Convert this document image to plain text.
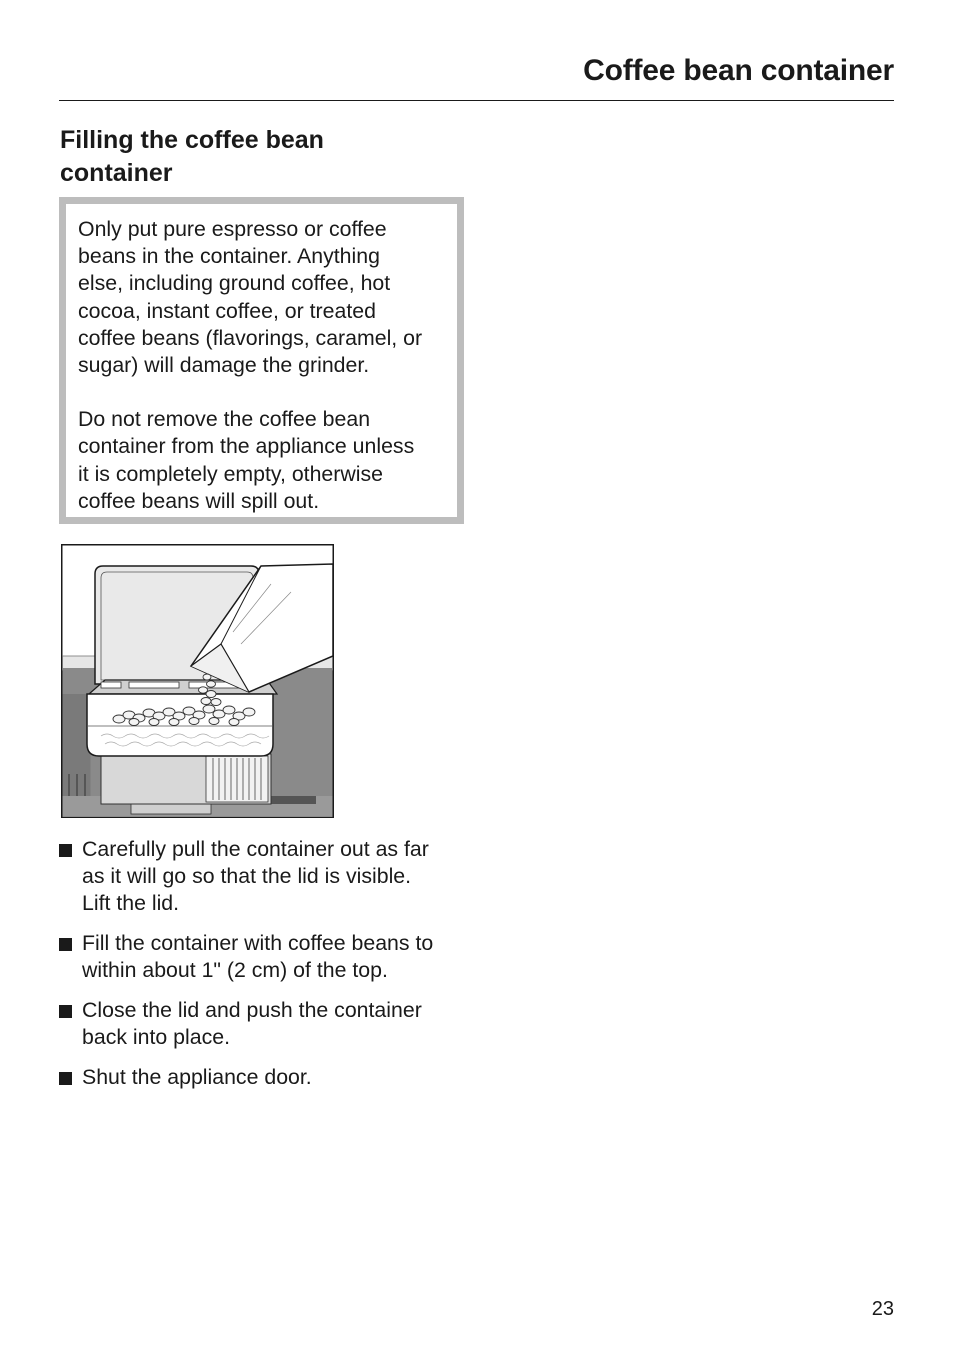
Coffee bean container
Filling the coffee bean
container

Only put pure espresso or coffee
beans in the container. Anything
else, including ground coffee, hot
cocoa, instant coffee, or treated
coffee beans (flavorings, caramel, or
sugar) will damage the grinder.

Do not remove the coffee bean
container from the appliance unless
it is completely empty, otherwise
coffee beans will spill out.

Carefully pull the container out as far
as it will go so that the lid is visible.
Lift the lid.
Fill the container with coffee beans to
within about 1" (2 cm) of the top.
Close the lid and push the container
back into place.
Shut the appliance door.
23
